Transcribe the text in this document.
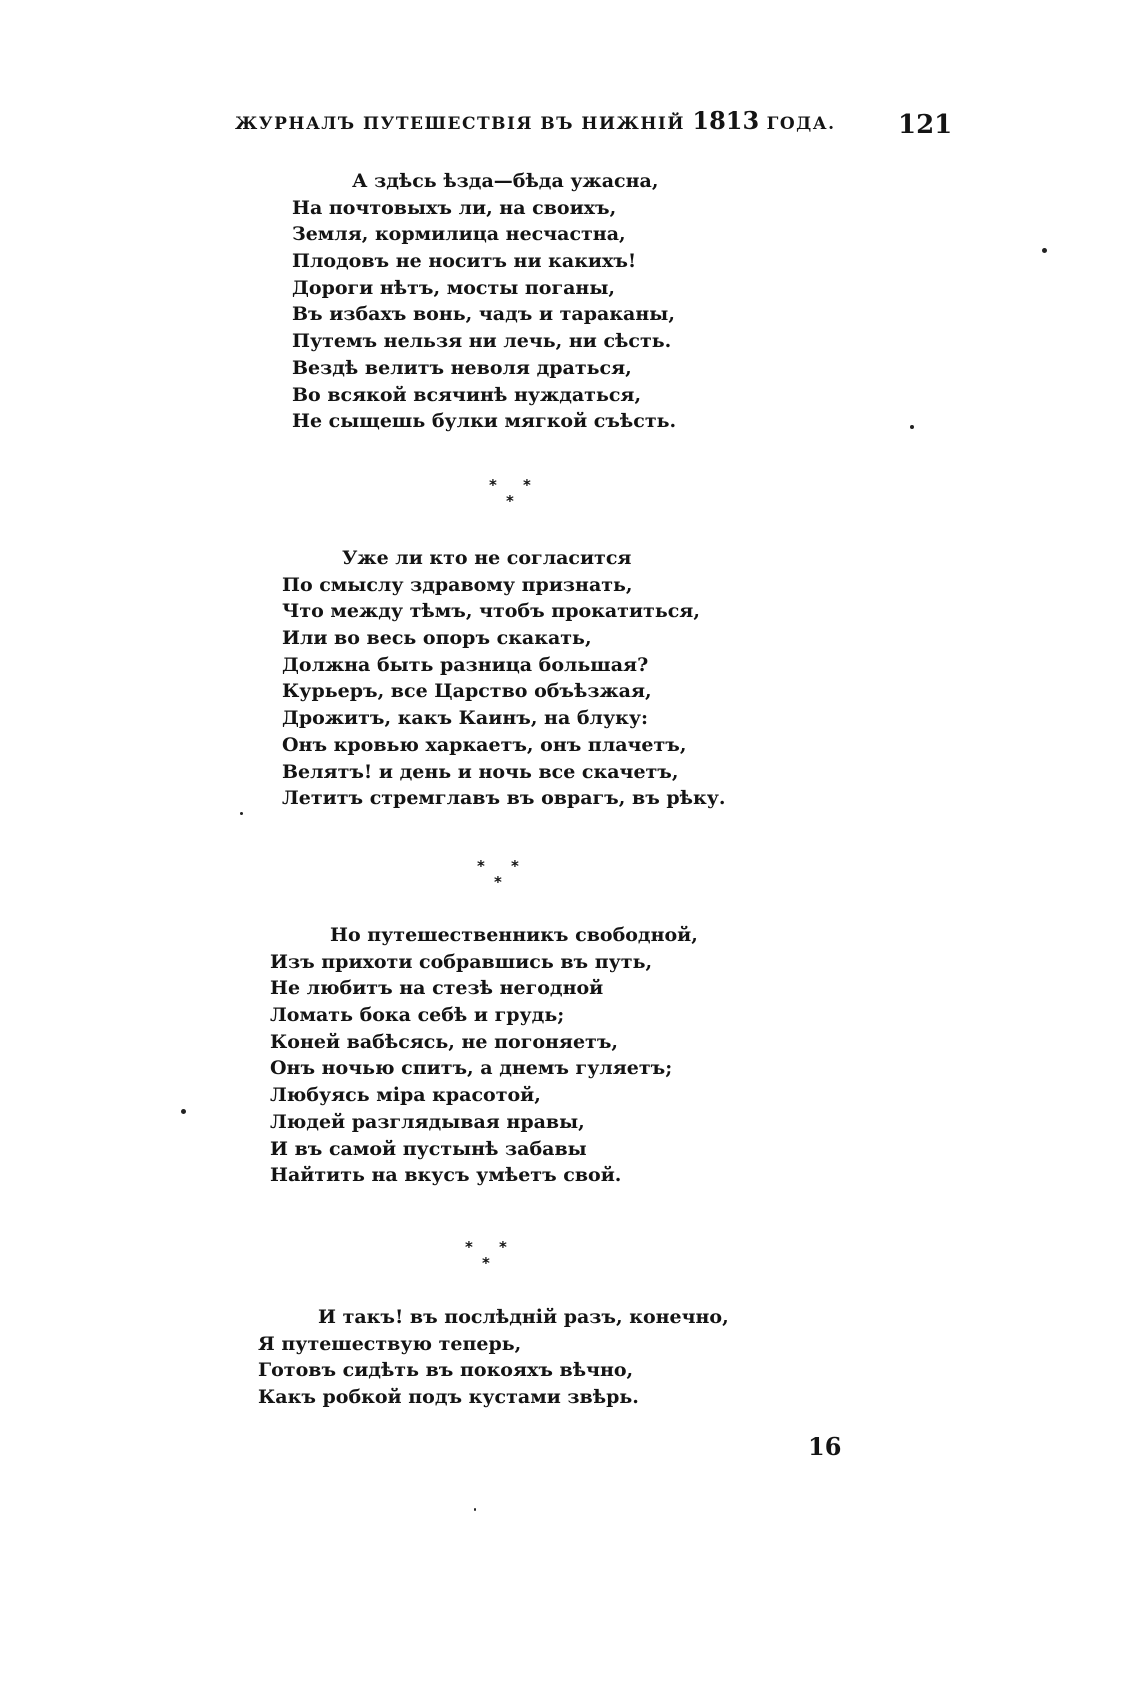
ЖУРНАЛЪ ПУТЕШЕСТВІЯ ВЪ НИЖНІЙ 1813 ГОДА. 121
А здѣсь ѣзда—бѣда ужасна,
На почтовыхъ ли, на своихъ,
Земля, кормилица несчастна,
Плодовъ не носитъ ни какихъ!
Дороги нѣтъ, мосты поганы,
Въ избахъ вонь, чадъ и тараканы,
Путемъ нельзя ни лечь, ни сѣсть.
Вездѣ велитъ неволя драться,
Во всякой всячинѣ нуждаться,
Не сыщешь булки мягкой съѣсть.
* *
*
Уже ли кто не согласится
По смыслу здравому признать,
Что между тѣмъ, чтобъ прокатиться,
Или во весь опоръ скакать,
Должна быть разница большая?
Курьеръ, все Царство объѣзжая,
Дрожитъ, какъ Каинъ, на блуку:
Онъ кровью харкаетъ, онъ плачетъ,
Велятъ! и день и ночь все скачетъ,
Летитъ стремглавъ въ оврагъ, въ рѣку.
* *
*
Но путешественникъ свободной,
Изъ прихоти собравшись въ путь,
Не любитъ на стезѣ негодной
Ломать бока себѣ и грудь;
Коней вабѣсясь, не погоняетъ,
Онъ ночью спитъ, а днемъ гуляетъ;
Любуясь міра красотой,
Людей разглядывая нравы,
И въ самой пустынѣ забавы
Найтить на вкусъ умѣетъ свой.
* *
*
И такъ! въ послѣдній разъ, конечно,
Я путешествую теперь,
Готовъ сидѣть въ покояхъ вѣчно,
Какъ робкой подъ кустами звѣрь.
16
